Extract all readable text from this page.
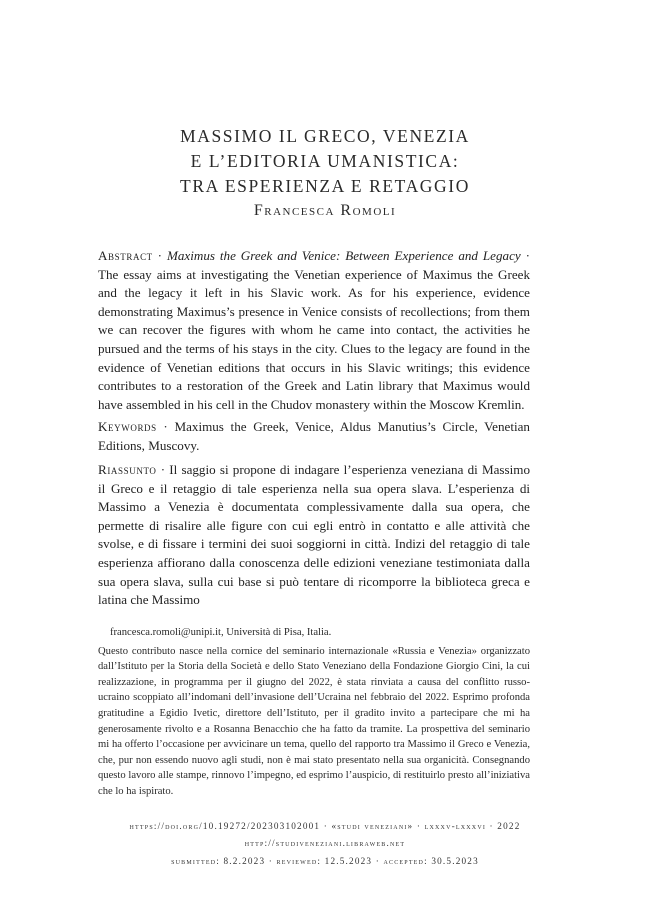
MASSIMO IL GRECO, VENEZIA
E L’EDITORIA UMANISTICA:
TRA ESPERIENZA E RETAGGIO
Francesca Romoli
Abstract · Maximus the Greek and Venice: Between Experience and Legacy · The essay aims at investigating the Venetian experience of Maximus the Greek and the legacy it left in his Slavic work. As for his experience, evidence demonstrating Maximus’s presence in Venice consists of recollections; from them we can recover the figures with whom he came into contact, the activities he pursued and the terms of his stays in the city. Clues to the legacy are found in the evidence of Venetian editions that occurs in his Slavic writings; this evidence contributes to a restoration of the Greek and Latin library that Maximus would have assembled in his cell in the Chudov monastery within the Moscow Kremlin.
Keywords · Maximus the Greek, Venice, Aldus Manutius’s Circle, Venetian Editions, Muscovy.
Riassunto · Il saggio si propone di indagare l’esperienza veneziana di Massimo il Greco e il retaggio di tale esperienza nella sua opera slava. L’esperienza di Massimo a Venezia è documentata complessivamente dalla sua opera, che permette di risalire alle figure con cui egli entrò in contatto e alle attività che svolse, e di fissare i termini dei suoi soggiorni in città. Indizi del retaggio di tale esperienza affiorano dalla conoscenza delle edizioni veneziane testimoniata dalla sua opera slava, sulla cui base si può tentare di ricomporre la biblioteca greca e latina che Massimo
francesca.romoli@unipi.it, Università di Pisa, Italia.
Questo contributo nasce nella cornice del seminario internazionale «Russia e Venezia» organizzato dall’Istituto per la Storia della Società e dello Stato Veneziano della Fondazione Giorgio Cini, la cui realizzazione, in programma per il giugno del 2022, è stata rinviata a causa del conflitto russo-ucraino scoppiato all’indomani dell’invasione dell’Ucraina nel febbraio del 2022. Esprimo profonda gratitudine a Egidio Ivetic, direttore dell’Istituto, per il gradito invito a partecipare che mi ha generosamente rivolto e a Rosanna Benacchio che ha fatto da tramite. La prospettiva del seminario mi ha offerto l’occasione per avvicinare un tema, quello del rapporto tra Massimo il Greco e Venezia, che, pur non essendo nuovo agli studi, non è mai stato presentato nella sua organicità. Consegnando questo lavoro alle stampe, rinnovo l’impegno, ed esprimo l’auspicio, di restituirlo presto all’iniziativa che lo ha ispirato.
https://doi.org/10.19272/202303102001 · «studi veneziani» · lxxxv-lxxxvi · 2022
http://studiveneziani.libraweb.net
submitted: 8.2.2023 · reviewed: 12.5.2023 · accepted: 30.5.2023
